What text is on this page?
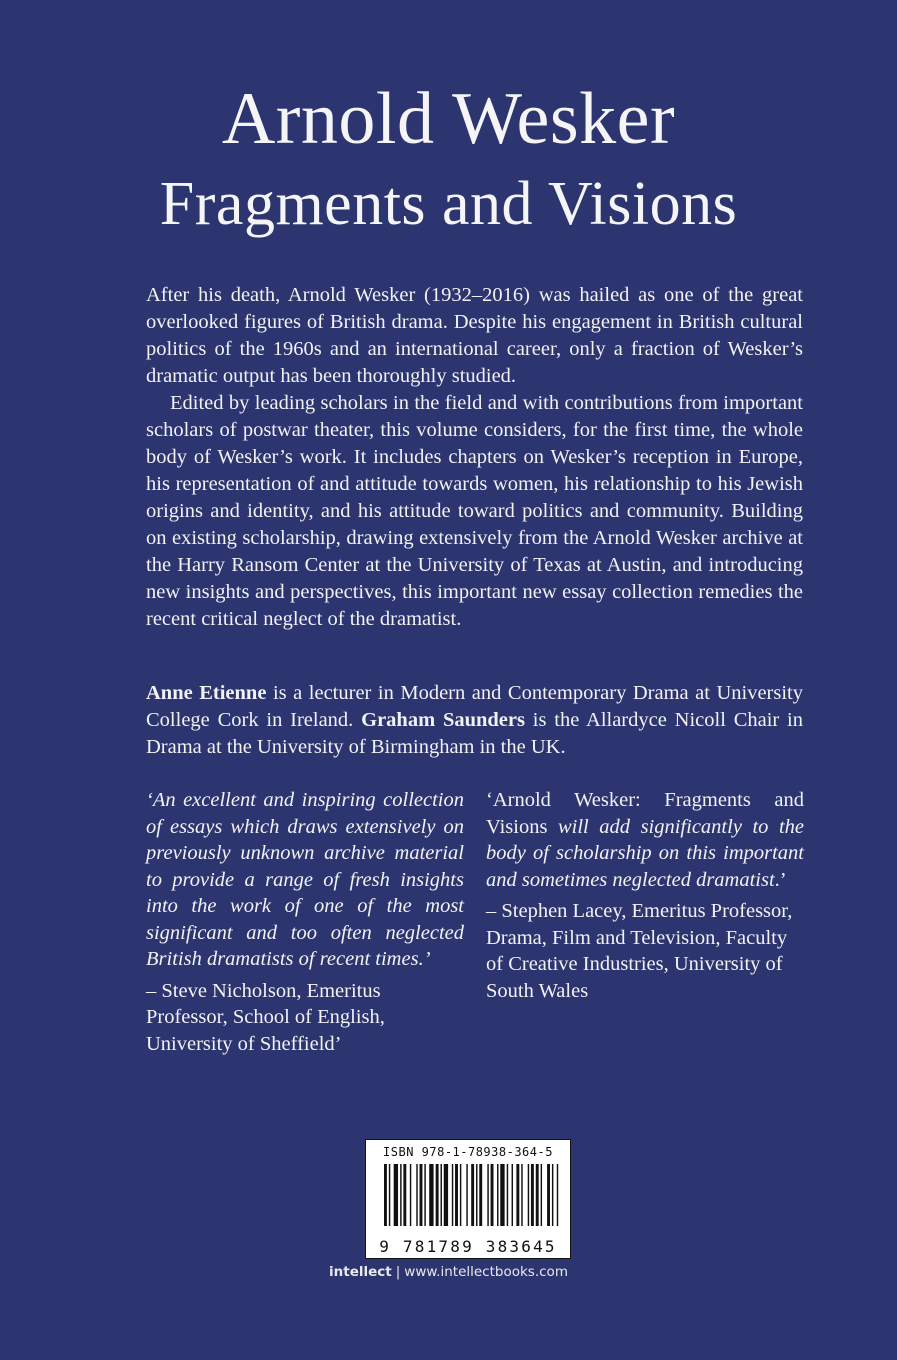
Arnold Wesker
Fragments and Visions

After his death, Arnold Wesker (1932–2016) was hailed as one of the great overlooked figures of British drama. Despite his engagement in British cultural politics of the 1960s and an international career, only a fraction of Wesker’s dramatic output has been thoroughly studied.

Edited by leading scholars in the field and with contributions from important scholars of postwar theater, this volume considers, for the first time, the whole body of Wesker’s work. It includes chapters on Wesker’s reception in Europe, his representation of and attitude towards women, his relationship to his Jewish origins and identity, and his attitude toward politics and community. Building on existing scholarship, drawing extensively from the Arnold Wesker archive at the Harry Ransom Center at the University of Texas at Austin, and introducing new insights and perspectives, this important new essay collection remedies the recent critical neglect of the dramatist.

Anne Etienne is a lecturer in Modern and Contemporary Drama at University College Cork in Ireland. Graham Saunders is the Allardyce Nicoll Chair in Drama at the University of Birmingham in the UK.

‘An excellent and inspiring collection of essays which draws extensively on previously unknown archive material to provide a range of fresh insights into the work of one of the most significant and too often neglected British dramatists of recent times.’

– Steve Nicholson, Emeritus Professor, School of English, University of Sheffield’

‘Arnold Wesker: Fragments and Visions will add significantly to the body of scholarship on this important and sometimes neglected dramatist.’

– Stephen Lacey, Emeritus Professor, Drama, Film and Television, Faculty of Creative Industries, University of South Wales

ISBN 978-1-78938-364-5
9 781789 383645
intellect | www.intellectbooks.com
